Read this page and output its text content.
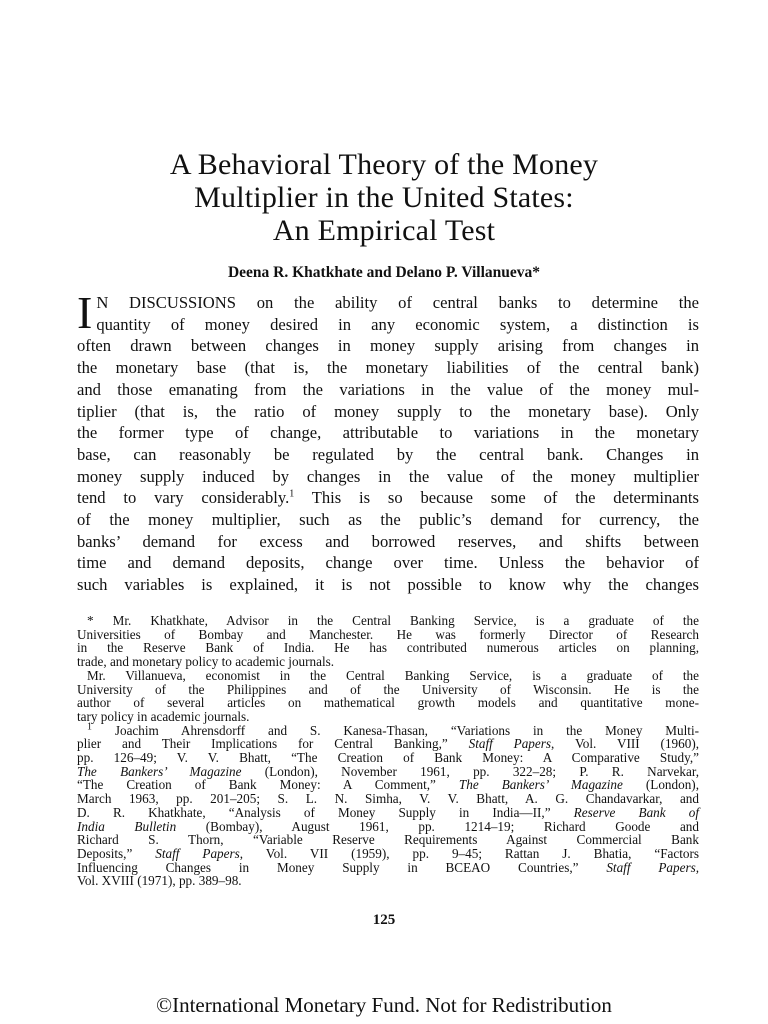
A Behavioral Theory of the Money
Multiplier in the United States:
An Empirical Test
Deena R. Khatkhate and Delano P. Villanueva*
I N DISCUSSIONS on the ability of central banks to determine the
quantity of money desired in any economic system, a distinction is
often drawn between changes in money supply arising from changes in
the monetary base (that is, the monetary liabilities of the central bank)
and those emanating from the variations in the value of the money mul-
tiplier (that is, the ratio of money supply to the monetary base). Only
the former type of change, attributable to variations in the monetary
base, can reasonably be regulated by the central bank. Changes in
money supply induced by changes in the value of the money multiplier
tend to vary considerably.$^1$ This is so because some of the determinants
of the money multiplier, such as the public’s demand for currency, the
banks’ demand for excess and borrowed reserves, and shifts between
time and demand deposits, change over time. Unless the behavior of
such variables is explained, it is not possible to know why the changes
* Mr. Khatkhate, Advisor in the Central Banking Service, is a graduate of the
Universities of Bombay and Manchester. He was formerly Director of Research
in the Reserve Bank of India. He has contributed numerous articles on planning,
trade, and monetary policy to academic journals.
Mr. Villanueva, economist in the Central Banking Service, is a graduate of the
University of the Philippines and of the University of Wisconsin. He is the
author of several articles on mathematical growth models and quantitative mone-
tary policy in academic journals.
$^1$ Joachim Ahrensdorff and S. Kanesa-Thasan, “Variations in the Money Multi-
plier and Their Implications for Central Banking,” Staff Papers, Vol. VIII (1960),
pp. 126–49; V. V. Bhatt, “The Creation of Bank Money: A Comparative Study,”
The Bankers’ Magazine (London), November 1961, pp. 322–28; P. R. Narvekar,
“The Creation of Bank Money: A Comment,” The Bankers’ Magazine (London),
March 1963, pp. 201–205; S. L. N. Simha, V. V. Bhatt, A. G. Chandavarkar, and
D. R. Khatkhate, “Analysis of Money Supply in India—II,” Reserve Bank of
India Bulletin (Bombay), August 1961, pp. 1214–19; Richard Goode and
Richard S. Thorn, “Variable Reserve Requirements Against Commercial Bank
Deposits,” Staff Papers, Vol. VII (1959), pp. 9–45; Rattan J. Bhatia, “Factors
Influencing Changes in Money Supply in BCEAO Countries,” Staff Papers,
Vol. XVIII (1971), pp. 389–98.
125
©International Monetary Fund. Not for Redistribution
